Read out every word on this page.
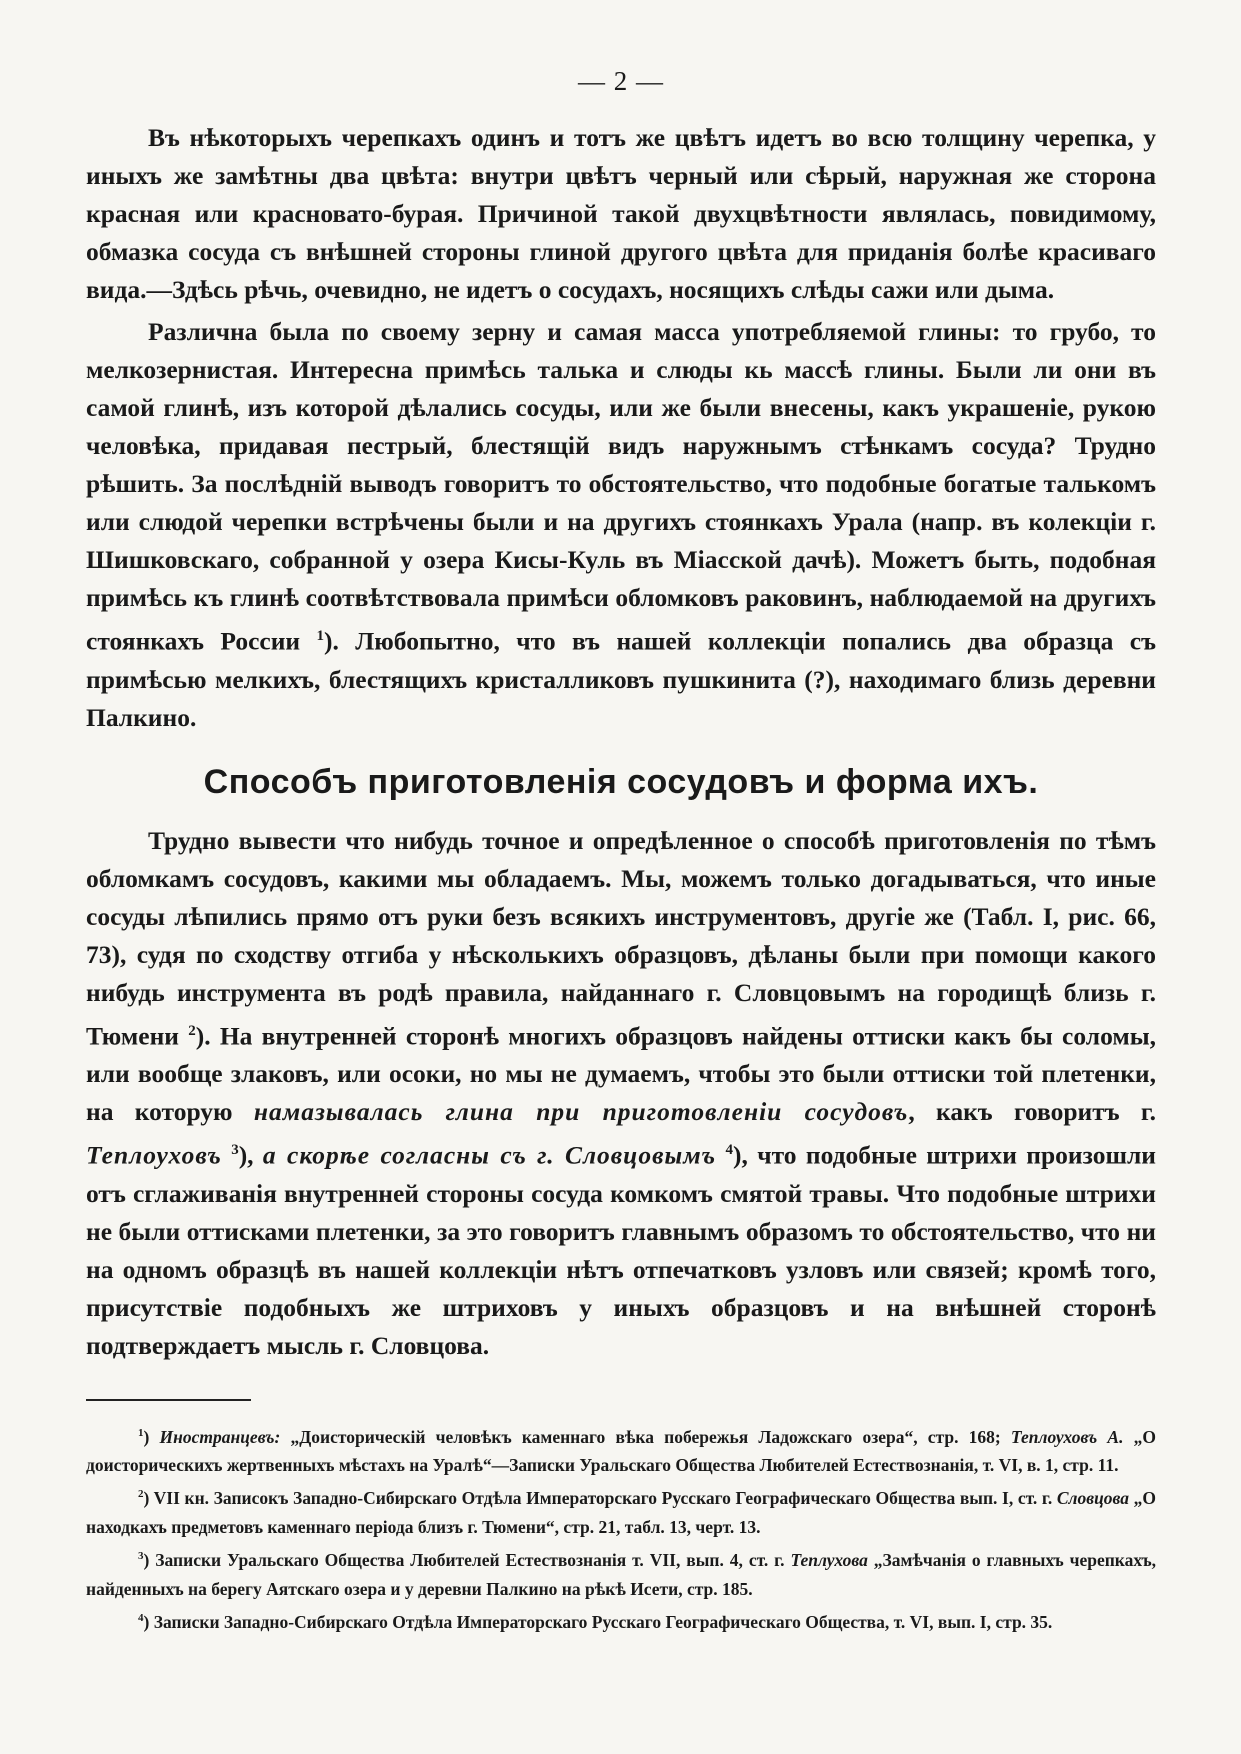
— 2 —

Въ нѣкоторыхъ черепкахъ одинъ и тотъ же цвѣтъ идетъ во всю толщину черепка, у иныхъ же замѣтны два цвѣта: внутри цвѣтъ черный или сѣрый, наружная же сторона красная или красновато-бурая. Причиной такой двухцвѣтности являлась, повидимому, обмазка сосуда съ внѣшней стороны глиной другого цвѣта для приданія болѣе красиваго вида.—Здѣсь рѣчь, очевидно, не идетъ о сосудахъ, носящихъ слѣды сажи или дыма.

Различна была по своему зерну и самая масса употребляемой глины: то грубо, то мелкозернистая. Интересна примѣсь талька и слюды кь массѣ глины. Были ли они въ самой глинѣ, изъ которой дѣлались сосуды, или же были внесены, какъ украшеніе, рукою человѣка, придавая пестрый, блестящій видъ наружнымъ стѣнкамъ сосуда? Трудно рѣшить. За послѣдній выводъ говоритъ то обстоятельство, что подобные богатые талькомъ или слюдой черепки встрѣчены были и на другихъ стоянкахъ Урала (напр. въ колекціи г. Шишковскаго, собранной у озера Кисы-Куль въ Міасской дачѣ). Можетъ быть, подобная примѣсь къ глинѣ соотвѣтствовала примѣси обломковъ раковинъ, наблюдаемой на другихъ стоянкахъ России $^1$). Любопытно, что въ нашей коллекціи попались два образца съ примѣсью мелкихъ, блестящихъ кристалликовъ пушкинита (?), находимаго близь деревни Палкино.

Способъ приготовленія сосудовъ и форма ихъ.

Трудно вывести что нибудь точное и опредѣленное о способѣ приготовленія по тѣмъ обломкамъ сосудовъ, какими мы обладаемъ. Мы, можемъ только догадываться, что иные сосуды лѣпились прямо отъ руки безъ всякихъ инструментовъ, другіе же (Табл. I, рис. 66, 73), судя по сходству отгиба у нѣсколькихъ образцовъ, дѣланы были при помощи какого нибудь инструмента въ родѣ правила, найданнаго г. Словцовымъ на городищѣ близь г. Тюмени $^2$). На внутренней сторонѣ многихъ образцовъ найдены оттиски какъ бы соломы, или вообще злаковъ, или осоки, но мы не думаемъ, чтобы это были оттиски той плетенки, на которую намазывалась глина при приготовленіи сосудовъ, какъ говоритъ г. Теплоуховъ $^3$), а скорѣе согласны съ г. Словцовымъ $^4$), что подобные штрихи произошли отъ сглаживанія внутренней стороны сосуда комкомъ смятой травы. Что подобные штрихи не были оттисками плетенки, за это говоритъ главнымъ образомъ то обстоятельство, что ни на одномъ образцѣ въ нашей коллекціи нѣтъ отпечатковъ узловъ или связей; кромѣ того, присутствіе подобныхъ же штриховъ у иныхъ образцовъ и на внѣшней сторонѣ подтверждаетъ мысль г. Словцова.

$^1$) Иностранцевъ: „Доисторическій человѣкъ каменнаго вѣка побережья Ладожскаго озера“, стр. 168; Теплоуховъ А. „О доисторическихъ жертвенныхъ мѣстахъ на Уралѣ“—Записки Уральскаго Общества Любителей Естествознанія, т. VI, в. 1, стр. 11.

$^2$) VII кн. Записокъ Западно-Сибирскаго Отдѣла Императорскаго Русскаго Географическаго Общества вып. I, ст. г. Словцова „О находкахъ предметовъ каменнаго періода близъ г. Тюмени“, стр. 21, табл. 13, черт. 13.

$^3$) Записки Уральскаго Общества Любителей Естествознанія т. VII, вып. 4, ст. г. Теплухова „Замѣчанія о главныхъ черепкахъ, найденныхъ на берегу Аятскаго озера и у деревни Палкино на рѣкѣ Исети, стр. 185.

$^4$) Записки Западно-Сибирскаго Отдѣла Императорскаго Русскаго Географическаго Общества, т. VI, вып. I, стр. 35.
